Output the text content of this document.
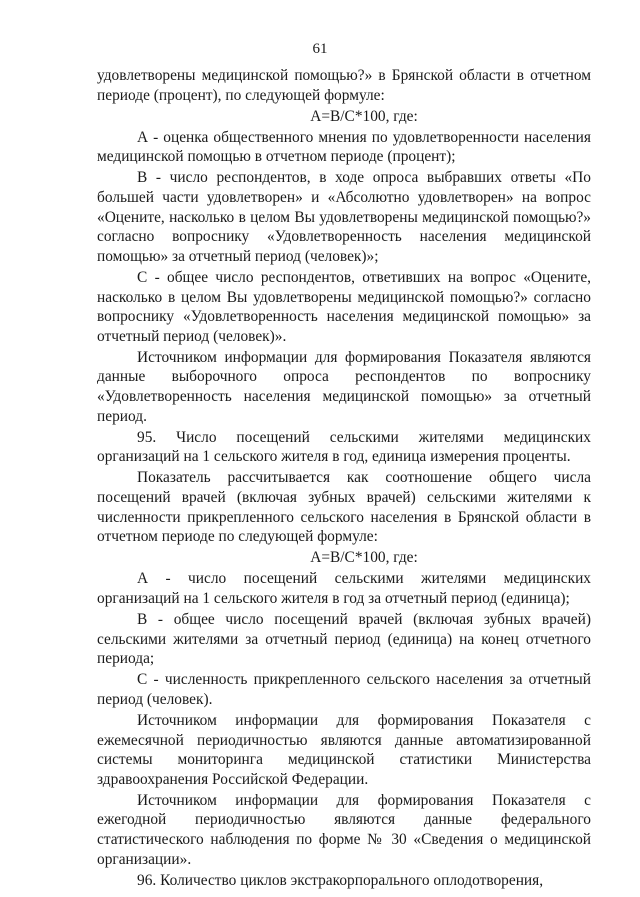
61

удовлетворены медицинской помощью?» в Брянской области в отчетном периоде (процент), по следующей формуле:

A=B/C*100, где:

А - оценка общественного мнения по удовлетворенности населения медицинской помощью в отчетном периоде (процент);

B - число респондентов, в ходе опроса выбравших ответы «По большей части удовлетворен» и «Абсолютно удовлетворен» на вопрос «Оцените, насколько в целом Вы удовлетворены медицинской помощью?» согласно вопроснику «Удовлетворенность населения медицинской помощью» за отчетный период (человек)»;

С - общее число респондентов, ответивших на вопрос «Оцените, насколько в целом Вы удовлетворены медицинской помощью?» согласно вопроснику «Удовлетворенность населения медицинской помощью» за отчетный период (человек)».

Источником информации для формирования Показателя являются данные выборочного опроса респондентов по вопроснику «Удовлетворенность населения медицинской помощью» за отчетный период.

95. Число посещений сельскими жителями медицинских организаций на 1 сельского жителя в год, единица измерения проценты.

Показатель рассчитывается как соотношение общего числа посещений врачей (включая зубных врачей) сельскими жителями к численности прикрепленного сельского населения в Брянской области в отчетном периоде по следующей формуле:

A=B/C*100, где:

А - число посещений сельскими жителями медицинских организаций на 1 сельского жителя в год за отчетный период (единица);

B - общее число посещений врачей (включая зубных врачей) сельскими жителями за отчетный период (единица) на конец отчетного периода;

С - численность прикрепленного сельского населения за отчетный период (человек).

Источником информации для формирования Показателя с ежемесячной периодичностью являются данные автоматизированной системы мониторинга медицинской статистики Министерства здравоохранения Российской Федерации.

Источником информации для формирования Показателя с ежегодной периодичностью являются данные федерального статистического наблюдения по форме № 30 «Сведения о медицинской организации».

96. Количество циклов экстракорпорального оплодотворения,
